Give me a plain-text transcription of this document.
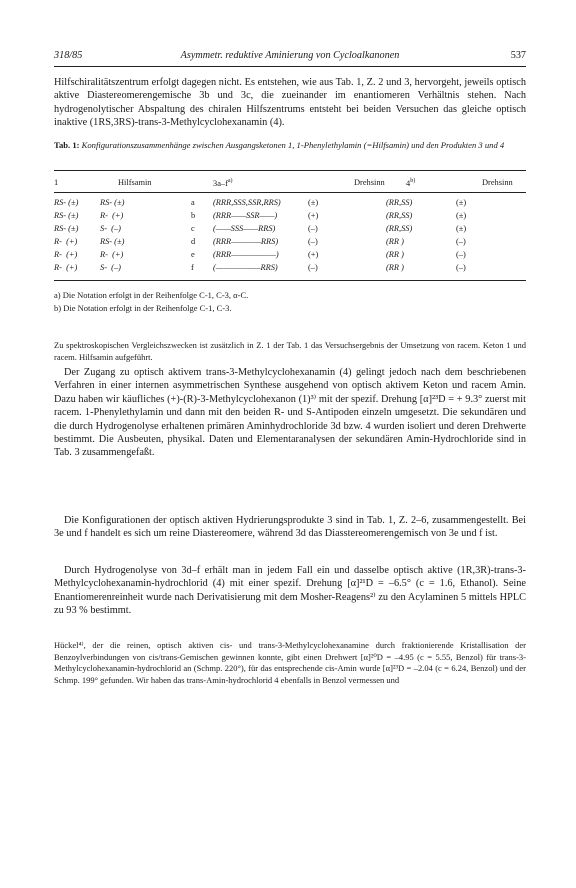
318/85	Asymmetr. reduktive Aminierung von Cycloalkanonen	537

Hilfschiralitätszentrum erfolgt dagegen nicht. Es entstehen, wie aus Tab. 1, Z. 2 und 3, hervorgeht, jeweils optisch aktive Diastereomerengemische 3b und 3c, die zueinander im enantiomeren Verhältnis stehen. Nach hydrogenolytischer Abspaltung des chiralen Hilfszentrums entsteht bei beiden Versuchen das gleiche optisch inaktive (1RS,3RS)-trans-3-Methylcyclohexanamin (4).

Tab. 1: Konfigurationszusammenhänge zwischen Ausgangsketonen 1, 1-Phenylethylamin (=Hilfsamin) und den Produkten 3 und 4

1	Hilfsamin	$3a-f^{a)}$	Drehsinn	4$^{b)}$	Drehsinn
RS- (±)	RS- (±)	a (RRR,SSS,SSR,RRS)	(±)	(RR,SS)	(±)
RS- (±)	R-  (+)	b (RRR——SSR——)	(+)	(RR,SS)	(±)
RS- (±)	S-  (–)	c (——SSS——RRS)	(–)	(RR,SS)	(±)
R-  (+)	RS- (±)	d (RRR————RRS)	(–)	(RR )	(–)
R-  (+)	R-  (+)	e (RRR——————)	(+)	(RR )	(–)
R-  (+)	S-  (–)	f (——————RRS)	(–)	(RR )	(–)
a) Die Notation erfolgt in der Reihenfolge C-1, C-3, α-C.
b) Die Notation erfolgt in der Reihenfolge C-1, C-3.

Zu spektroskopischen Vergleichszwecken ist zusätzlich in Z. 1 der Tab. 1 das Versuchsergebnis der Umsetzung von racem. Keton 1 und racem. Hilfsamin aufgeführt.

Der Zugang zu optisch aktivem trans-3-Methylcyclohexanamin (4) gelingt jedoch nach dem beschriebenen Verfahren in einer internen asymmetrischen Synthese ausgehend von optisch aktivem Keton und racem Amin. Dazu haben wir käufliches (+)-(R)-3-Methylcyclohexanon (1)³⁾ mit der spezif. Drehung [α]²³D = + 9.3° zuerst mit racem. 1-Phenylethylamin und dann mit den beiden R- und S-Antipoden einzeln umgesetzt. Die sekundären und die durch Hydrogenolyse erhaltenen primären Aminhydrochloride 3d bzw. 4 wurden isoliert und deren Drehwerte bestimmt. Die Ausbeuten, physikal. Daten und Elementaranalysen der sekundären Amin-Hydrochloride sind in Tab. 3 zusammengefaßt.

Die Konfigurationen der optisch aktiven Hydrierungsprodukte 3 sind in Tab. 1, Z. 2–6, zusammengestellt. Bei 3e und f handelt es sich um reine Diastereomere, während 3d das Diasstereomerengemisch von 3e und f ist.

Durch Hydrogenolyse von 3d–f erhält man in jedem Fall ein und dasselbe optisch aktive (1R,3R)-trans-3-Methylcyclohexanamin-hydrochlorid (4) mit einer spezif. Drehung [α]²¹D = –6.5° (c = 1.6, Ethanol). Seine Enantiomerenreinheit wurde nach Derivatisierung mit dem Mosher-Reagens²⁾ zu den Acylaminen 5 mittels HPLC zu 93 % bestimmt.

Hückel⁴⁾, der die reinen, optisch aktiven cis- und trans-3-Methylcyclohexanamine durch fraktionierende Kristallisation der Benzoylverbindungen von cis/trans-Gemischen gewinnen konnte, gibt einen Drehwert [α]²⁰D = –4.95 (c = 5.55, Benzol) für trans-3-Methylcyclohexanamin-hydrochlorid an (Schmp. 220°), für das entsprechende cis-Amin wurde [α]²³D = –2.04 (c = 6.24, Benzol) und der Schmp. 199° gefunden. Wir haben das trans-Amin-hydrochlorid 4 ebenfalls in Benzol vermessen und
